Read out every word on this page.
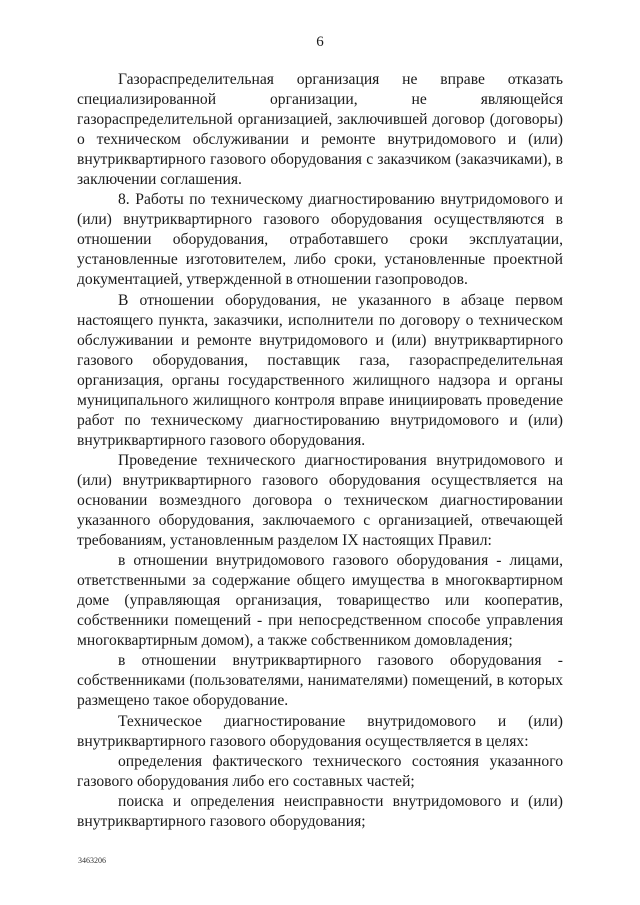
6

Газораспределительная организация не вправе отказать специализированной организации, не являющейся газораспределительной организацией, заключившей договор (договоры) о техническом обслуживании и ремонте внутридомового и (или) внутриквартирного газового оборудования с заказчиком (заказчиками), в заключении соглашения.

8. Работы по техническому диагностированию внутридомового и (или) внутриквартирного газового оборудования осуществляются в отношении оборудования, отработавшего сроки эксплуатации, установленные изготовителем, либо сроки, установленные проектной документацией, утвержденной в отношении газопроводов.

В отношении оборудования, не указанного в абзаце первом настоящего пункта, заказчики, исполнители по договору о техническом обслуживании и ремонте внутридомового и (или) внутриквартирного газового оборудования, поставщик газа, газораспределительная организация, органы государственного жилищного надзора и органы муниципального жилищного контроля вправе инициировать проведение работ по техническому диагностированию внутридомового и (или) внутриквартирного газового оборудования.

Проведение технического диагностирования внутридомового и (или) внутриквартирного газового оборудования осуществляется на основании возмездного договора о техническом диагностировании указанного оборудования, заключаемого с организацией, отвечающей требованиям, установленным разделом IX настоящих Правил:

в отношении внутридомового газового оборудования - лицами, ответственными за содержание общего имущества в многоквартирном доме (управляющая организация, товарищество или кооператив, собственники помещений - при непосредственном способе управления многоквартирным домом), а также собственником домовладения;

в отношении внутриквартирного газового оборудования - собственниками (пользователями, нанимателями) помещений, в которых размещено такое оборудование.

Техническое диагностирование внутридомового и (или) внутриквартирного газового оборудования осуществляется в целях:

определения фактического технического состояния указанного газового оборудования либо его составных частей;

поиска и определения неисправности внутридомового и (или) внутриквартирного газового оборудования;

3463206
